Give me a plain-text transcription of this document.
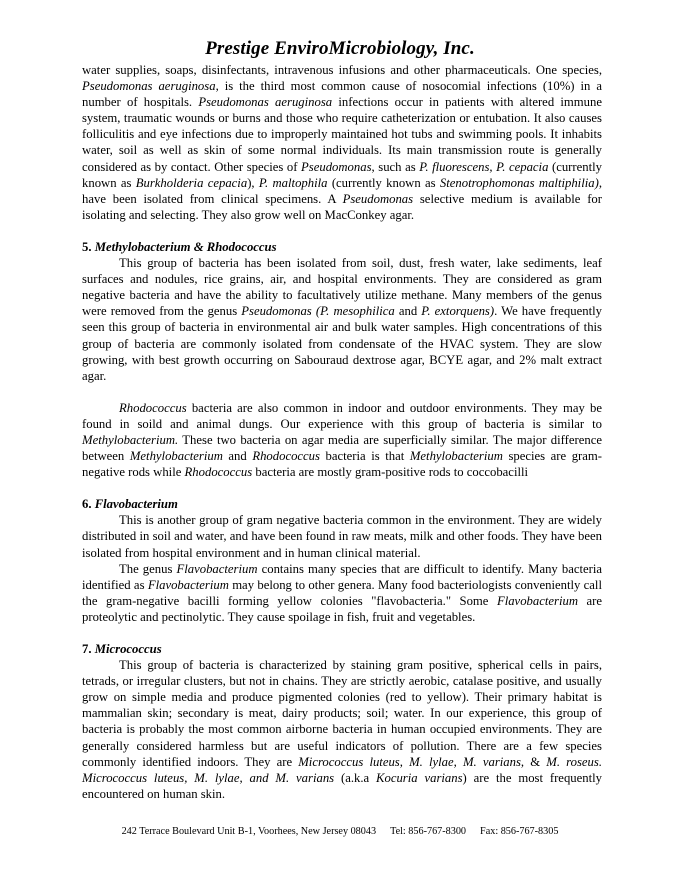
Prestige EnviroMicrobiology, Inc.

water supplies, soaps, disinfectants, intravenous infusions and other pharmaceuticals. One species, Pseudomonas aeruginosa, is the third most common cause of nosocomial infections (10%) in a number of hospitals. Pseudomonas aeruginosa infections occur in patients with altered immune system, traumatic wounds or burns and those who require catheterization or entubation. It also causes folliculitis and eye infections due to improperly maintained hot tubs and swimming pools. It inhabits water, soil as well as skin of some normal individuals. Its main transmission route is generally considered as by contact. Other species of Pseudomonas, such as P. fluorescens, P. cepacia (currently known as Burkholderia cepacia), P. maltophila (currently known as Stenotrophomonas maltiphilia), have been isolated from clinical specimens. A Pseudomonas selective medium is available for isolating and selecting. They also grow well on MacConkey agar.

5. Methylobacterium & Rhodococcus

This group of bacteria has been isolated from soil, dust, fresh water, lake sediments, leaf surfaces and nodules, rice grains, air, and hospital environments. They are considered as gram negative bacteria and have the ability to facultatively utilize methane. Many members of the genus were removed from the genus Pseudomonas (P. mesophilica and P. extorquens). We have frequently seen this group of bacteria in environmental air and bulk water samples. High concentrations of this group of bacteria are commonly isolated from condensate of the HVAC system. They are slow growing, with best growth occurring on Sabouraud dextrose agar, BCYE agar, and 2% malt extract agar.

Rhodococcus bacteria are also common in indoor and outdoor environments. They may be found in soild and animal dungs. Our experience with this group of bacteria is similar to Methylobacterium. These two bacteria on agar media are superficially similar. The major difference between Methylobacterium and Rhodococcus bacteria is that Methylobacterium species are gram-negative rods while Rhodococcus bacteria are mostly gram-positive rods to coccobacilli

6. Flavobacterium

This is another group of gram negative bacteria common in the environment. They are widely distributed in soil and water, and have been found in raw meats, milk and other foods. They have been isolated from hospital environment and in human clinical material.

The genus Flavobacterium contains many species that are difficult to identify. Many bacteria identified as Flavobacterium may belong to other genera. Many food bacteriologists conveniently call the gram-negative bacilli forming yellow colonies "flavobacteria." Some Flavobacterium are proteolytic and pectinolytic. They cause spoilage in fish, fruit and vegetables.

7. Micrococcus

This group of bacteria is characterized by staining gram positive, spherical cells in pairs, tetrads, or irregular clusters, but not in chains. They are strictly aerobic, catalase positive, and usually grow on simple media and produce pigmented colonies (red to yellow). Their primary habitat is mammalian skin; secondary is meat, dairy products; soil; water. In our experience, this group of bacteria is probably the most common airborne bacteria in human occupied environments. They are generally considered harmless but are useful indicators of pollution. There are a few species commonly identified indoors. They are Micrococcus luteus, M. lylae, M. varians, & M. roseus. Micrococcus luteus, M. lylae, and M. varians (a.k.a Kocuria varians) are the most frequently encountered on human skin.

242 Terrace Boulevard Unit B-1, Voorhees, New Jersey 08043 Tel: 856-767-8300 Fax: 856-767-8305
